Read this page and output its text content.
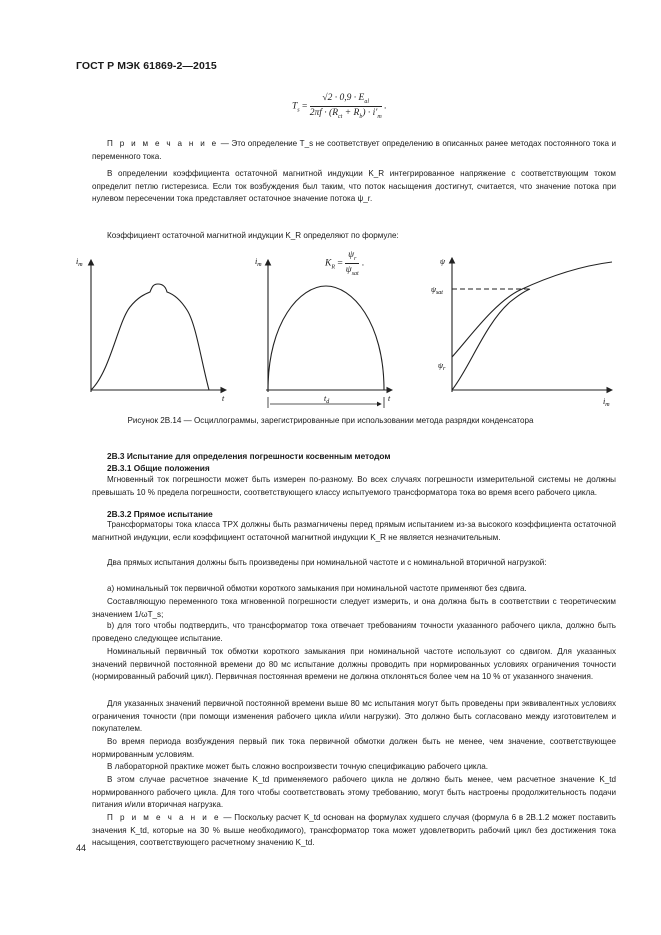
ГОСТ Р МЭК 61869-2—2015
$T_s = \frac{√2 \cdot 0,9 \cdot E_{al}}{2\pi f \cdot (R_{ct} + R_b) \cdot i'_m}$ .
П р и м е ч а н и е — Это определение T_s не соответствует определению в описанных ранее методах постоянного тока и переменного тока.
В определении коэффициента остаточной магнитной индукции K_R интегрированное напряжение с соответствующим током определит петлю гистерезиса. Если ток возбуждения был таким, что поток насыщения достигнут, считается, что значение потока при нулевом пересечении тока представляет остаточное значение потока ψ_r.
Коэффициент остаточной магнитной индукции K_R определяют по формуле:
$K_R = \frac{\psi_r}{\psi_{sat}}$ .
$i_m$
t
$i_m$
t
$t_d$
ψ
$\psi_{sat}$
$\psi_r$
$i_m$
Рисунок 2В.14 — Осциллограммы, зарегистрированные при использовании метода разрядки конденсатора
2В.3 Испытание для определения погрешности косвенным методом
2В.3.1 Общие положения
Мгновенный ток погрешности может быть измерен по-разному. Во всех случаях погрешности измерительной системы не должны превышать 10 % предела погрешности, соответствующего классу испытуемого трансформатора тока во время всего рабочего цикла.
2В.3.2 Прямое испытание
Трансформаторы тока класса TPX должны быть размагничены перед прямым испытанием из-за высокого коэффициента остаточной магнитной индукции, если коэффициент остаточной магнитной индукции K_R не является незначительным.
Два прямых испытания должны быть произведены при номинальной частоте и с номинальной вторичной нагрузкой:
а) номинальный ток первичной обмотки короткого замыкания при номинальной частоте применяют без сдвига.
Составляющую переменного тока мгновенной погрешности следует измерить, и она должна быть в соответствии с теоретическим значением 1/ωT_s;
b) для того чтобы подтвердить, что трансформатор тока отвечает требованиям точности указанного рабочего цикла, должно быть проведено следующее испытание.
Номинальный первичный ток обмотки короткого замыкания при номинальной частоте используют со сдвигом. Для указанных значений первичной постоянной времени до 80 мс испытание должны проводить при нормированных условиях ограничения точности (нормированный рабочий цикл). Первичная постоянная времени не должна отклоняться более чем на 10 % от указанного значения.
Для указанных значений первичной постоянной времени выше 80 мс испытания могут быть проведены при эквивалентных условиях ограничения точности (при помощи изменения рабочего цикла и/или нагрузки). Это должно быть согласовано между изготовителем и покупателем.
Во время периода возбуждения первый пик тока первичной обмотки должен быть не менее, чем значение, соответствующее нормированным условиям.
В лабораторной практике может быть сложно воспроизвести точную спецификацию рабочего цикла.
В этом случае расчетное значение K_td применяемого рабочего цикла не должно быть менее, чем расчетное значение K_td нормированного рабочего цикла. Для того чтобы соответствовать этому требованию, могут быть настроены продолжительность подачи питания и/или вторичная нагрузка.
П р и м е ч а н и е — Поскольку расчет K_td основан на формулах худшего случая (формула 6 в 2В.1.2 может поставить значения K_td, которые на 30 % выше необходимого), трансформатор тока может удовлетворить рабочий цикл без достижения тока насыщения, соответствующего расчетному значению K_td.
44
